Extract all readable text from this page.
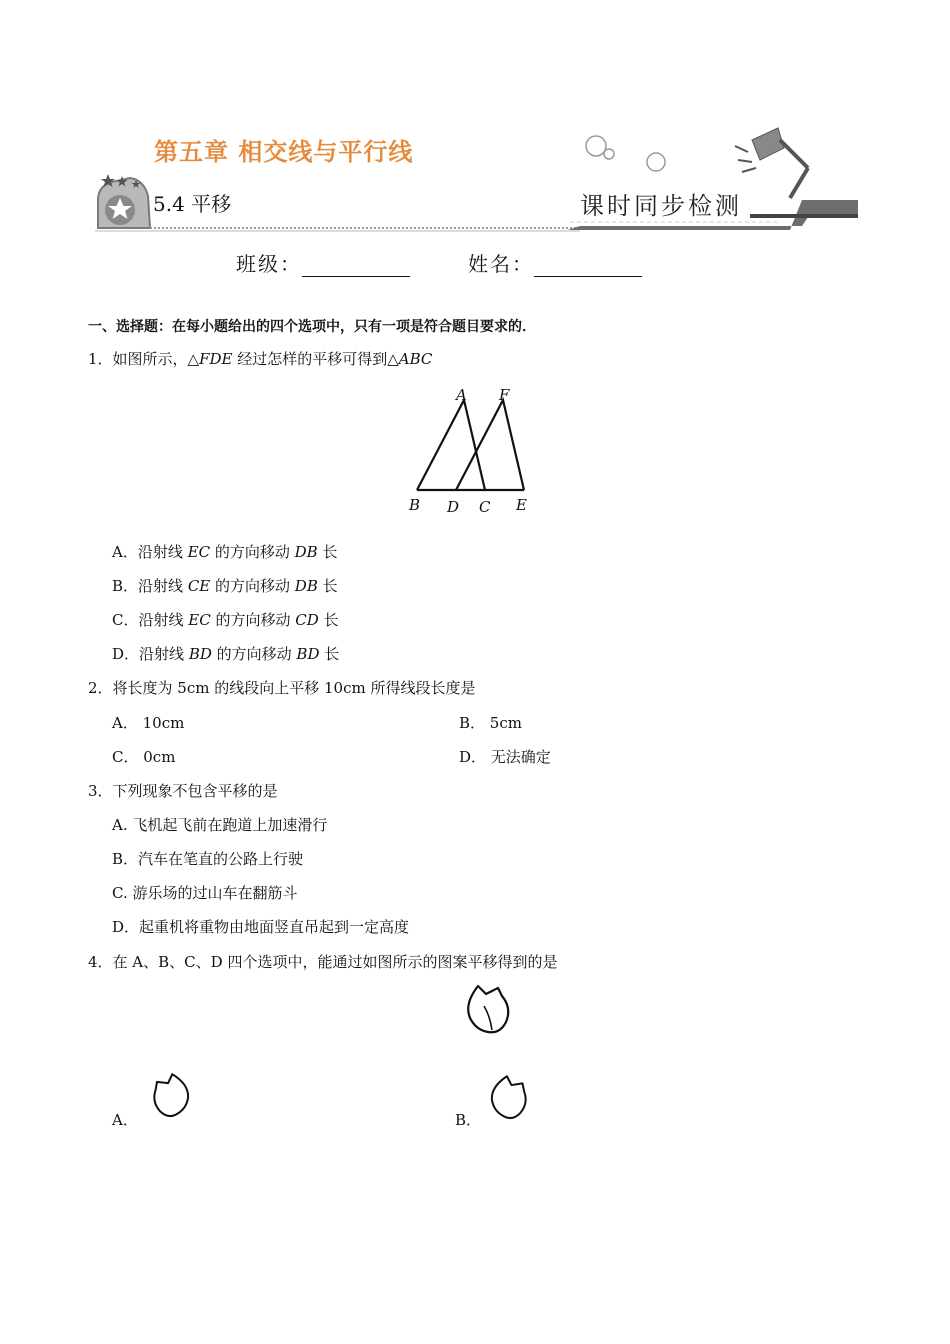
第五章 相交线与平行线
5.4 平移	课时同步检测
班级：	姓名：
一、选择题：在每小题给出的四个选项中，只有一项是符合题目要求的．
1．如图所示，△FDE 经过怎样的平移可得到△ABC
A F
B D C E
A．沿射线 EC 的方向移动 DB 长
B．沿射线 CE 的方向移动 DB 长
C．沿射线 EC 的方向移动 CD 长
D．沿射线 BD 的方向移动 BD 长
2．将长度为 5cm 的线段向上平移 10cm 所得线段长度是
A． 10cm	B． 5cm
C． 0cm	D． 无法确定
3．下列现象不包含平移的是
A. 飞机起飞前在跑道上加速滑行
B．汽车在笔直的公路上行驶
C. 游乐场的过山车在翻筋斗
D．起重机将重物由地面竖直吊起到一定高度
4．在 A、B、C、D 四个选项中，能通过如图所示的图案平移得到的是
A．	B．
